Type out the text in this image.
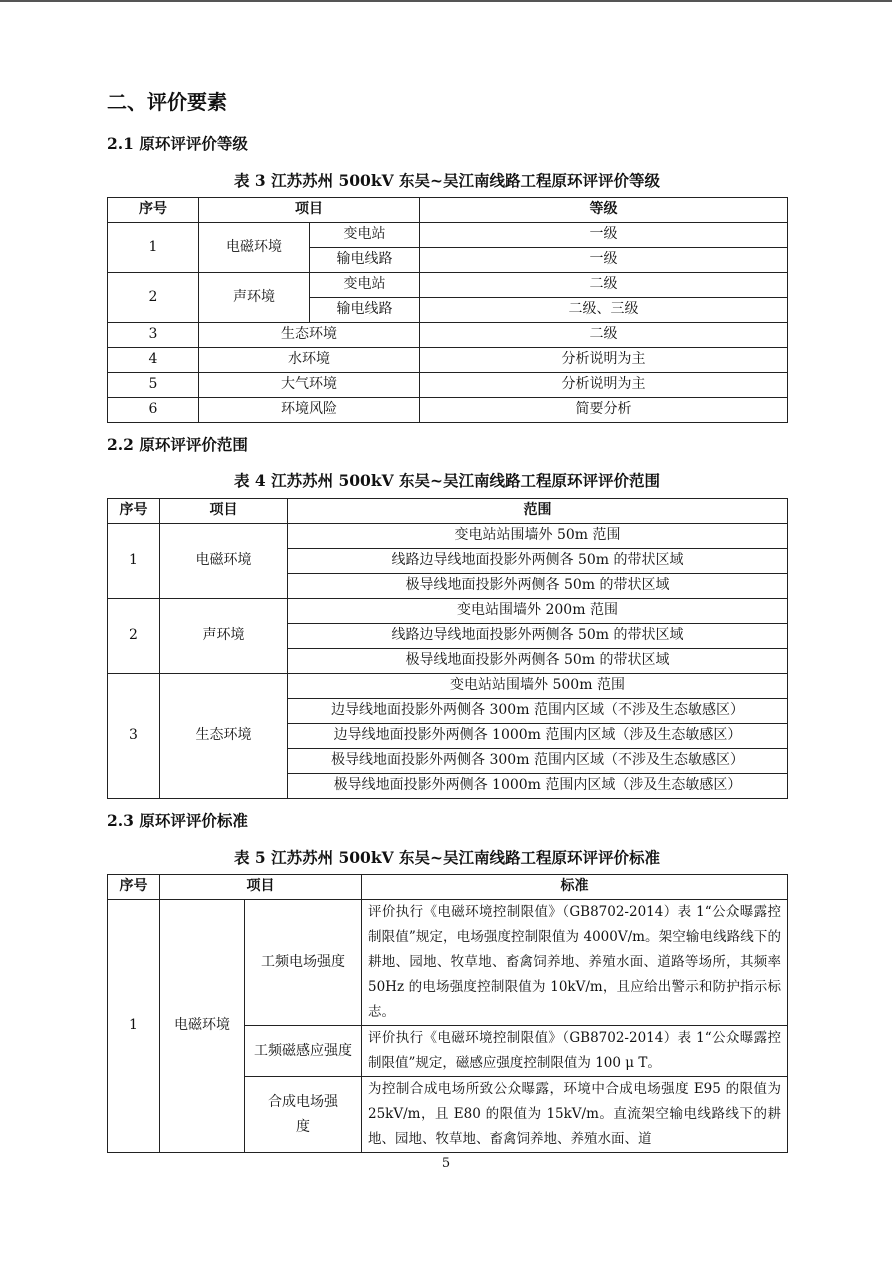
二、评价要素
2.1 原环评评价等级
表 3 江苏苏州 500kV 东吴~吴江南线路工程原环评评价等级
序号	项目		等级
1	电磁环境	变电站	一级
		输电线路	一级
2	声环境	变电站	二级
		输电线路	二级、三级
3	生态环境		二级
4	水环境		分析说明为主
5	大气环境		分析说明为主
6	环境风险		简要分析
2.2 原环评评价范围
表 4 江苏苏州 500kV 东吴~吴江南线路工程原环评评价范围
序号	项目	范围
1	电磁环境	变电站站围墙外 50m 范围
		线路边导线地面投影外两侧各 50m 的带状区域
		极导线地面投影外两侧各 50m 的带状区域
2	声环境	变电站围墙外 200m 范围
		线路边导线地面投影外两侧各 50m 的带状区域
		极导线地面投影外两侧各 50m 的带状区域
3	生态环境	变电站站围墙外 500m 范围
		边导线地面投影外两侧各 300m 范围内区域（不涉及生态敏感区）
		边导线地面投影外两侧各 1000m 范围内区域（涉及生态敏感区）
		极导线地面投影外两侧各 300m 范围内区域（不涉及生态敏感区）
		极导线地面投影外两侧各 1000m 范围内区域（涉及生态敏感区）
2.3 原环评评价标准
表 5 江苏苏州 500kV 东吴~吴江南线路工程原环评评价标准
序号	项目		标准
1	电磁环境	工频电场强度	评价执行《电磁环境控制限值》（GB8702-2014）表 1“公众曝露控制限值”规定，电场强度控制限值为 4000V/m。架空输电线路线下的耕地、园地、牧草地、畜禽饲养地、养殖水面、道路等场所，其频率 50Hz 的电场强度控制限值为 10kV/m，且应给出警示和防护指示标志。
		工频磁感应强度	评价执行《电磁环境控制限值》（GB8702-2014）表 1“公众曝露控制限值”规定，磁感应强度控制限值为 100 μ T。
		合成电场强度	为控制合成电场所致公众曝露，环境中合成电场强度 E95 的限值为 25kV/m，且 E80 的限值为 15kV/m。直流架空输电线路线下的耕地、园地、牧草地、畜禽饲养地、养殖水面、道
5
